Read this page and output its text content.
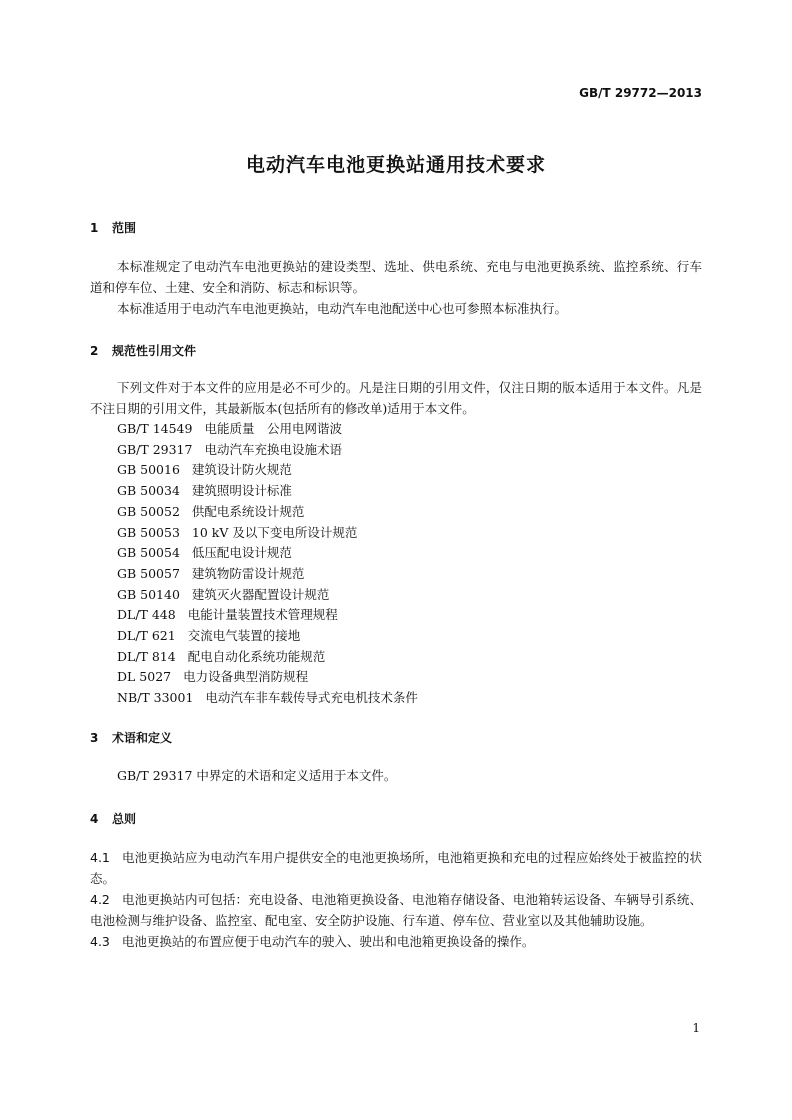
GB/T 29772—2013
电动汽车电池更换站通用技术要求
1 范围
本标准规定了电动汽车电池更换站的建设类型、选址、供电系统、充电与电池更换系统、监控系统、行车道和停车位、土建、安全和消防、标志和标识等。
本标准适用于电动汽车电池更换站，电动汽车电池配送中心也可参照本标准执行。
2 规范性引用文件
下列文件对于本文件的应用是必不可少的。凡是注日期的引用文件，仅注日期的版本适用于本文件。凡是不注日期的引用文件，其最新版本(包括所有的修改单)适用于本文件。
GB/T 14549 电能质量　公用电网谐波
GB/T 29317 电动汽车充换电设施术语
GB 50016 建筑设计防火规范
GB 50034 建筑照明设计标准
GB 50052 供配电系统设计规范
GB 50053 10 kV 及以下变电所设计规范
GB 50054 低压配电设计规范
GB 50057 建筑物防雷设计规范
GB 50140 建筑灭火器配置设计规范
DL/T 448 电能计量装置技术管理规程
DL/T 621 交流电气装置的接地
DL/T 814 配电自动化系统功能规范
DL 5027 电力设备典型消防规程
NB/T 33001 电动汽车非车载传导式充电机技术条件
3 术语和定义
GB/T 29317 中界定的术语和定义适用于本文件。
4 总则
4.1 电池更换站应为电动汽车用户提供安全的电池更换场所，电池箱更换和充电的过程应始终处于被监控的状态。
4.2 电池更换站内可包括：充电设备、电池箱更换设备、电池箱存储设备、电池箱转运设备、车辆导引系统、电池检测与维护设备、监控室、配电室、安全防护设施、行车道、停车位、营业室以及其他辅助设施。
4.3 电池更换站的布置应便于电动汽车的驶入、驶出和电池箱更换设备的操作。
1
